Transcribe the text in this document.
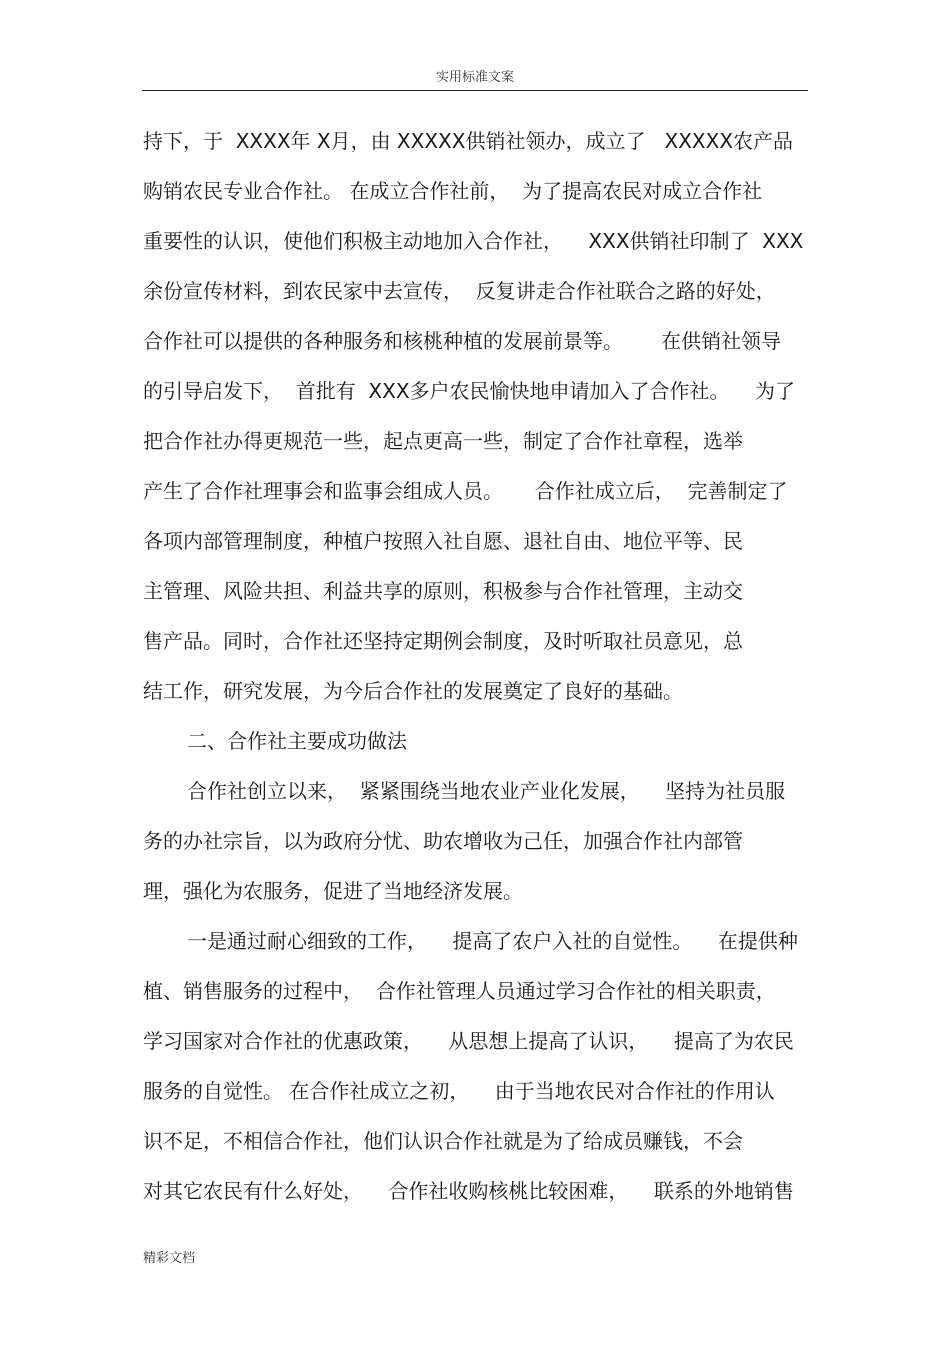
实用标准文案
持下，于  XXXX年 X月，由 XXXXX供销社领办，成立了   XXXXX农产品
购销农民专业合作社。 在成立合作社前，  为了提高农民对成立合作社
重要性的认识，使他们积极主动地加入合作社，    XXX供销社印制了  XXX
余份宣传材料，到农民家中去宣传，  反复讲走合作社联合之路的好处，
合作社可以提供的各种服务和核桃种植的发展前景等。      在供销社领导
的引导启发下，  首批有  XXX多户农民愉快地申请加入了合作社。    为了
把合作社办得更规范一些，起点更高一些，制定了合作社章程，选举
产生了合作社理事会和监事会组成人员。     合作社成立后，  完善制定了
各项内部管理制度，种植户按照入社自愿、退社自由、地位平等、民
主管理、风险共担、利益共享的原则，积极参与合作社管理，主动交
售产品。同时，合作社还坚持定期例会制度，及时听取社员意见，总
结工作，研究发展，为今后合作社的发展奠定了良好的基础。
二、合作社主要成功做法
合作社创立以来，  紧紧围绕当地农业产业化发展，    坚持为社员服
务的办社宗旨，以为政府分忧、助农增收为己任，加强合作社内部管
理，强化为农服务，促进了当地经济发展。
一是通过耐心细致的工作，    提高了农户入社的自觉性。    在提供种
植、销售服务的过程中，  合作社管理人员通过学习合作社的相关职责，
学习国家对合作社的优惠政策，    从思想上提高了认识，    提高了为农民
服务的自觉性。 在合作社成立之初，    由于当地农民对合作社的作用认
识不足，不相信合作社，他们认识合作社就是为了给成员赚钱，不会
对其它农民有什么好处，    合作社收购核桃比较困难，    联系的外地销售
精彩文档
